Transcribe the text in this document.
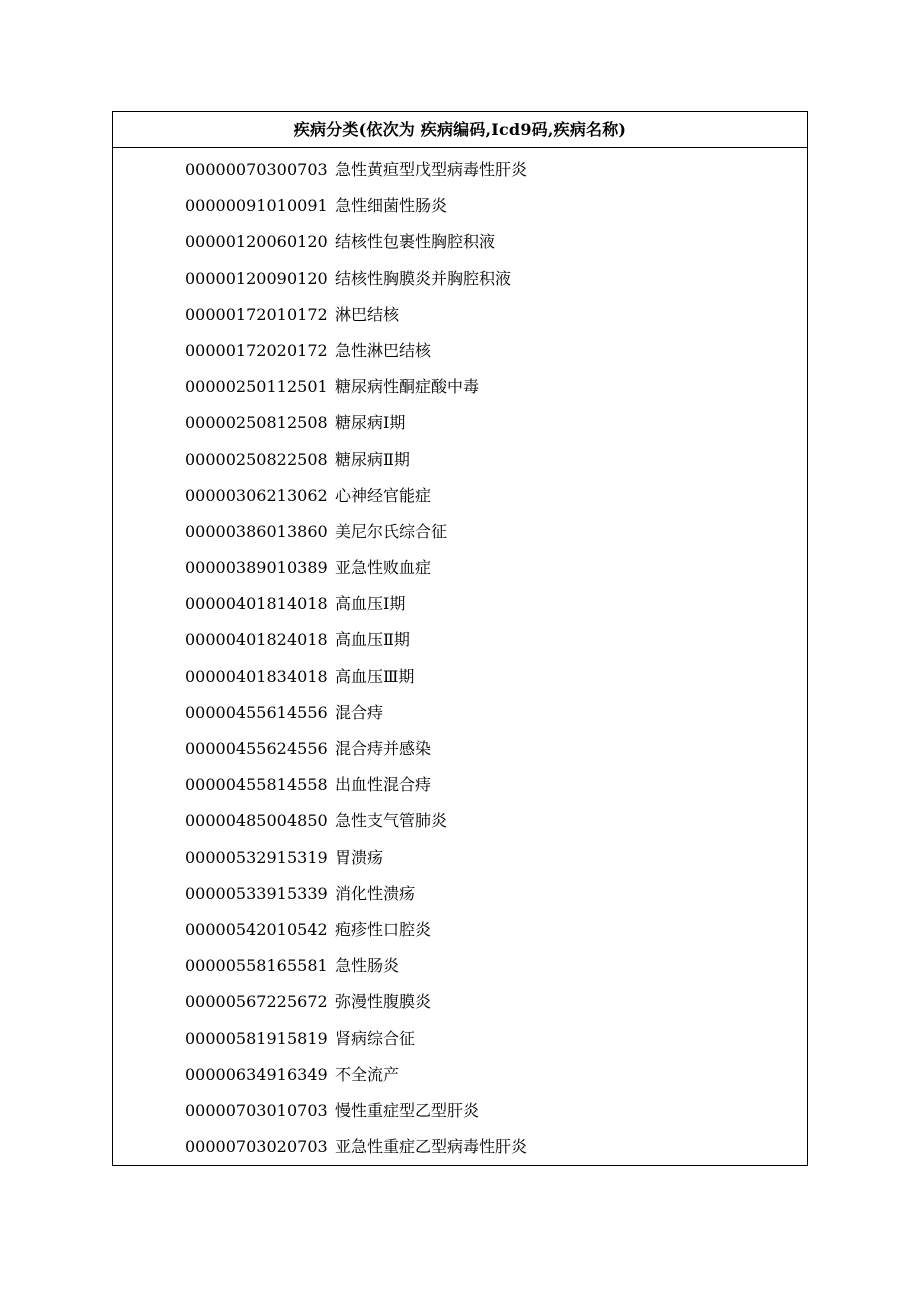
疾病分类(依次为 疾病编码,Icd9码,疾病名称)
0000007030 0703 急性黄疸型戊型病毒性肝炎
0000009101 0091 急性细菌性肠炎
0000012006 0120 结核性包裹性胸腔积液
0000012009 0120 结核性胸膜炎并胸腔积液
0000017201 0172 淋巴结核
0000017202 0172 急性淋巴结核
0000025011 2501 糖尿病性酮症酸中毒
0000025081 2508 糖尿病Ⅰ期
0000025082 2508 糖尿病Ⅱ期
0000030621 3062 心神经官能症
0000038601 3860 美尼尔氏综合征
0000038901 0389 亚急性败血症
0000040181 4018 高血压Ⅰ期
0000040182 4018 高血压Ⅱ期
0000040183 4018 高血压Ⅲ期
0000045561 4556 混合痔
0000045562 4556 混合痔并感染
0000045581 4558 出血性混合痔
0000048500 4850 急性支气管肺炎
0000053291 5319 胃溃疡
0000053391 5339 消化性溃疡
0000054201 0542 疱疹性口腔炎
0000055816 5581 急性肠炎
0000056722 5672 弥漫性腹膜炎
0000058191 5819 肾病综合征
0000063491 6349 不全流产
0000070301 0703 慢性重症型乙型肝炎
0000070302 0703 亚急性重症乙型病毒性肝炎
